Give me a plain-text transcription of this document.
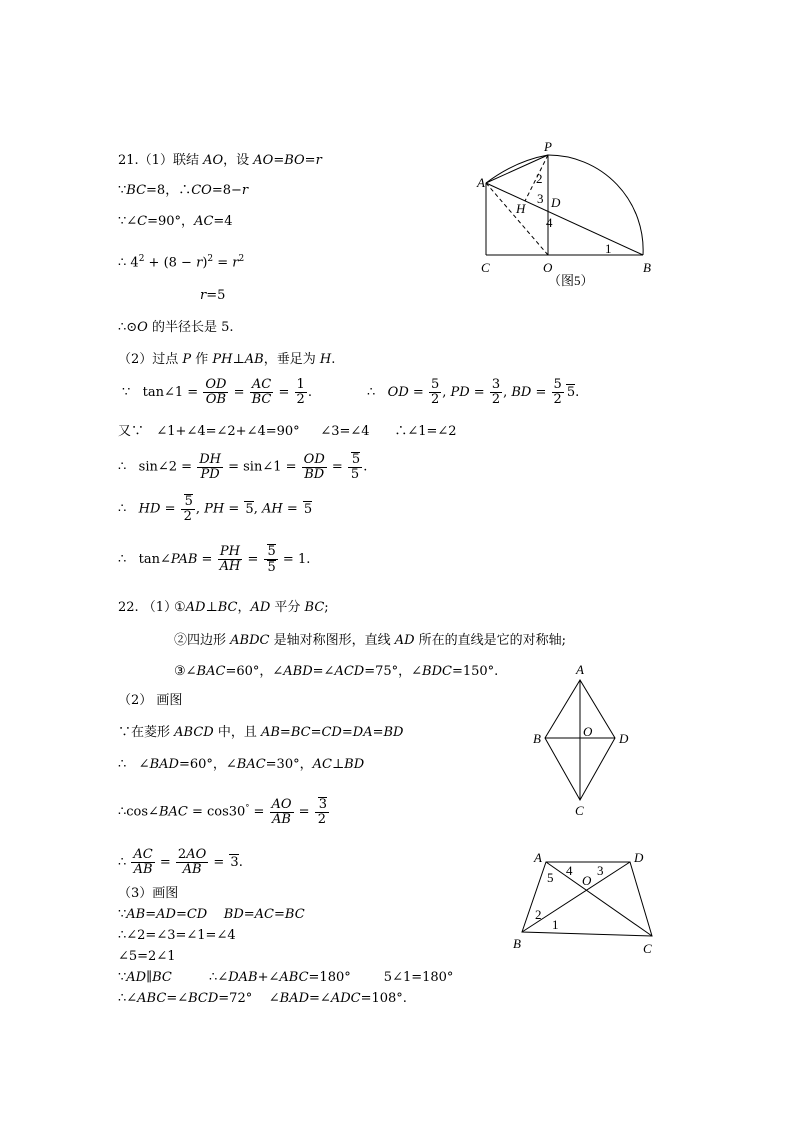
21.（1）联结 AO，设 AO=BO=r
∵BC=8，∴CO=8−r
∵∠C=90°，AC=4
∴ $4^2 + (8 - r)^2 = r^2$
r=5
∴⊙O 的半径长是 5.
（2）过点 P 作 PH⊥AB，垂足为 H.
∵   tan∠1 = $\frac{OD}{OB} = \frac{AC}{BC} = \frac{1}{2}$ .	∴   OD = $\frac{5}{2}$ , PD = $\frac{3}{2}$ , BD = $\frac{5}{2} 5$.
又∵   ∠1+∠4=∠2+∠4=90°     ∠3=∠4      ∴∠1=∠2
∴   sin∠2 = $\frac{DH}{PD}$ = sin∠1 = $\frac{OD}{BD} = \frac{5}{5}$ .
∴   HD = $\frac{5}{2}$ , PH = 5, AH = 5
∴   tan∠PAB = $\frac{PH}{AH} = \frac{5}{5} = 1$.
22. （1）
①AD⊥BC，AD 平分 BC;
②四边形 ABDC 是轴对称图形，直线 AD 所在的直线是它的对称轴;
③∠BAC=60°，∠ABD=∠ACD=75°，∠BDC=150°.
（2） 画图
∵在菱形 ABCD 中，且 AB=BC=CD=DA=BD
∴   ∠BAD=60°，∠BAC=30°，AC⊥BD
∴cos∠BAC = $\cos 30^\circ = \frac{AO}{AB} = \frac{3}{2}$
∴ $\frac{AC}{AB} = \frac{2AO}{AB} = 3$.
（3）画图
∵AB=AD=CD BD=AC=BC
∴∠2=∠3=∠1=∠4
∠5=2∠1
∵AD∥BC         ∴∠DAB+∠ABC=180°        5∠1=180°
∴∠ABC=∠BCD=72°    ∠BAD=∠ADC=108°.
P
A
H D
C	O	B
1
2
3
4
（图5）
A
B	O D
C
A	D
O
B	C
1
2
3
4
5
